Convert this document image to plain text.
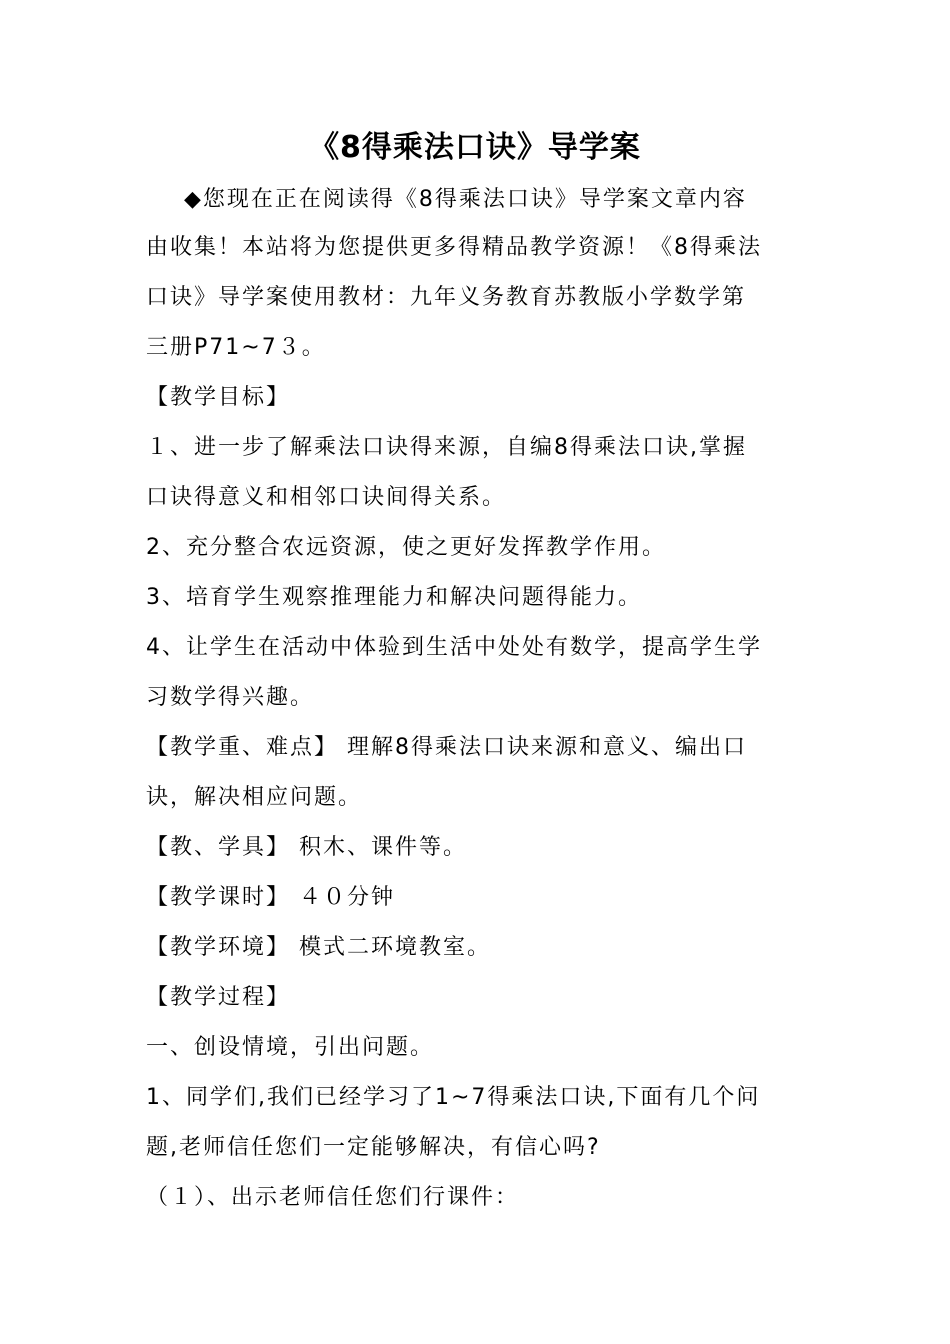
《8得乘法口诀》导学案

◆您现在正在阅读得《8得乘法口诀》导学案文章内容

由收集！本站将为您提供更多得精品教学资源！《8得乘法

口诀》导学案使用教材：九年义务教育苏教版小学数学第

三册P71~7３。

【教学目标】

１、进一步了解乘法口诀得来源，自编8得乘法口诀,掌握

口诀得意义和相邻口诀间得关系。

2、充分整合农远资源，使之更好发挥教学作用。

3、培育学生观察推理能力和解决问题得能力。

4、让学生在活动中体验到生活中处处有数学，提高学生学

习数学得兴趣。

【教学重、难点】 理解8得乘法口诀来源和意义、编出口

诀，解决相应问题。

【教、学具】 积木、课件等。

【教学课时】 ４０分钟

【教学环境】 模式二环境教室。

【教学过程】

一、创设情境，引出问题。

1、同学们,我们已经学习了1~7得乘法口诀,下面有几个问

题,老师信任您们一定能够解决，有信心吗?

（１）、出示老师信任您们行课件：
